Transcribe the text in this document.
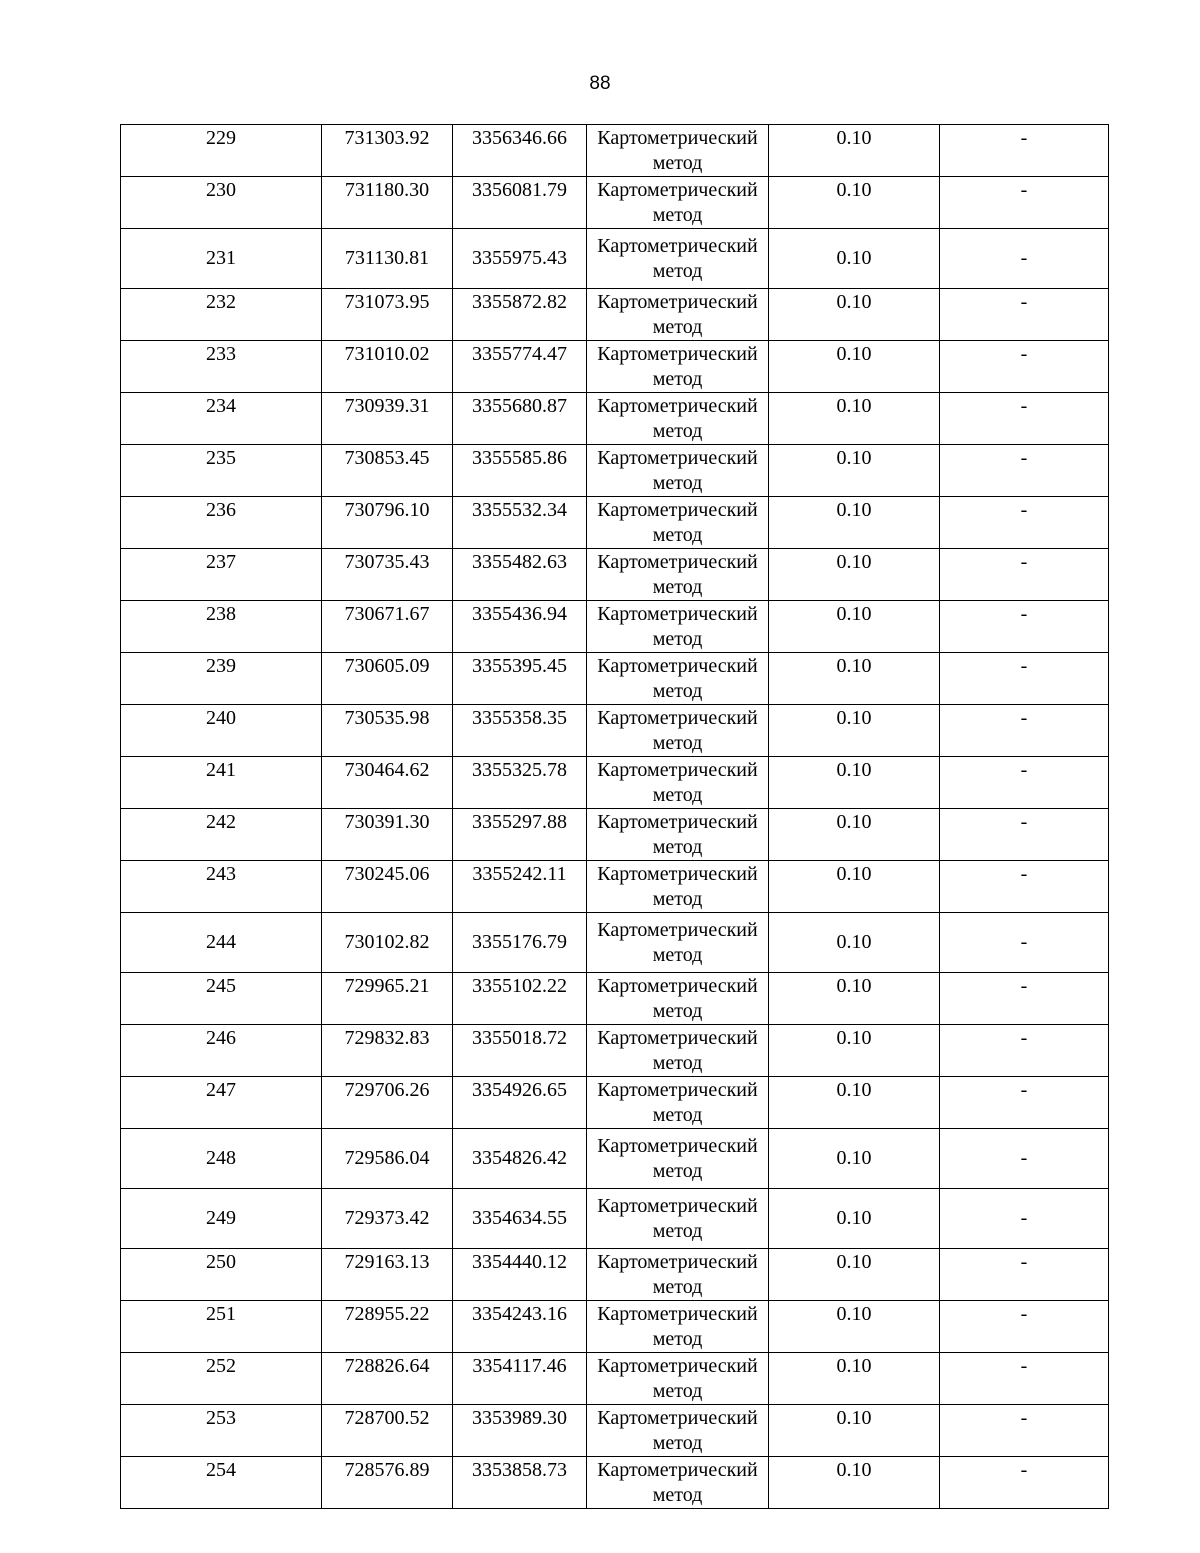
88
229	731303.92	3356346.66	Картометрический метод	0.10	-

230	731180.30	3356081.79	Картометрический метод	0.10	-

231	731130.81	3355975.43	Картометрический метод	0.10	-

232	731073.95	3355872.82	Картометрический метод	0.10	-

233	731010.02	3355774.47	Картометрический метод	0.10	-

234	730939.31	3355680.87	Картометрический метод	0.10	-

235	730853.45	3355585.86	Картометрический метод	0.10	-

236	730796.10	3355532.34	Картометрический метод	0.10	-

237	730735.43	3355482.63	Картометрический метод	0.10	-

238	730671.67	3355436.94	Картометрический метод	0.10	-

239	730605.09	3355395.45	Картометрический метод	0.10	-

240	730535.98	3355358.35	Картометрический метод	0.10	-

241	730464.62	3355325.78	Картометрический метод	0.10	-

242	730391.30	3355297.88	Картометрический метод	0.10	-

243	730245.06	3355242.11	Картометрический метод	0.10	-

244	730102.82	3355176.79	Картометрический метод	0.10	-

245	729965.21	3355102.22	Картометрический метод	0.10	-

246	729832.83	3355018.72	Картометрический метод	0.10	-

247	729706.26	3354926.65	Картометрический метод	0.10	-

248	729586.04	3354826.42	Картометрический метод	0.10	-

249	729373.42	3354634.55	Картометрический метод	0.10	-

250	729163.13	3354440.12	Картометрический метод	0.10	-

251	728955.22	3354243.16	Картометрический метод	0.10	-

252	728826.64	3354117.46	Картометрический метод	0.10	-

253	728700.52	3353989.30	Картометрический метод	0.10	-

254	728576.89	3353858.73	Картометрический метод	0.10	-
